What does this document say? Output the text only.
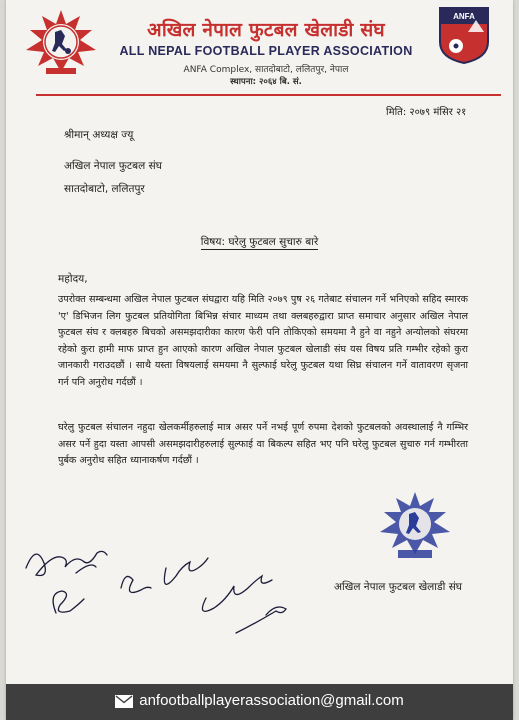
ANFA
अखिल नेपाल फुटबल खेलाडी संघ
ALL NEPAL FOOTBALL PLAYER ASSOCIATION
ANFA Complex, सातदोबाटो, ललितपुर, नेपाल
स्थापना: २०६४ बि. सं.
मिति: २०७९ मंसिर २१
श्रीमान् अध्यक्ष ज्यू
अखिल नेपाल फुटबल संघ
सातदोबाटो, ललितपुर
विषय: घरेलु फुटबल सुचारु बारे
महोदय,
उपरोक्त सम्बन्धमा अखिल नेपाल फुटबल संघद्वारा यहि मिति २०७९ पुष २६ गतेबाट संचालन गर्ने भनिएको सहिद स्मारक 'ए' डिभिजन लिग फुटबल प्रतियोगिता बिभिन्न संचार माध्यम तथा क्लबहरुद्वारा प्राप्त समाचार अनुसार अखिल नेपाल फुटबल संघ र क्लबहरु बिचको असमझदारीका कारण फेरी पनि तोकिएको समयमा नै हुने वा नहुने अन्योलको संघरमा रहेको कुरा हामी माफ प्राप्त हुन आएको कारण अखिल नेपाल फुटबल खेलाडी संघ यस विषय प्रति गम्भीर रहेको कुरा जानकारी गराउदछौं । साथै यस्ता विषयलाई समयमा नै सुल्फाई घरेलु फुटबल यथा सिघ्र संचालन गर्ने वातावरण सृजना गर्न पनि अनुरोध गर्दछौं ।
घरेलु फुटबल संचालन नहुदा खेलकर्मीहरुलाई मात्र असर पर्ने नभई पूर्ण रुपमा देशको फुटबलको अवस्थालाई नै गम्भिर असर पर्ने हुदा यस्ता आपसी असमझदारीहरुलाई सुल्फाई वा बिकल्प सहित भए पनि घरेलु फुटबल सुचारु गर्न गम्भीरता पुर्बक अनुरोध सहित ध्यानाकर्षण गर्दछौं ।
अखिल नेपाल फुटबल खेलाडी संघ
anfootballplayerassociation@gmail.com
